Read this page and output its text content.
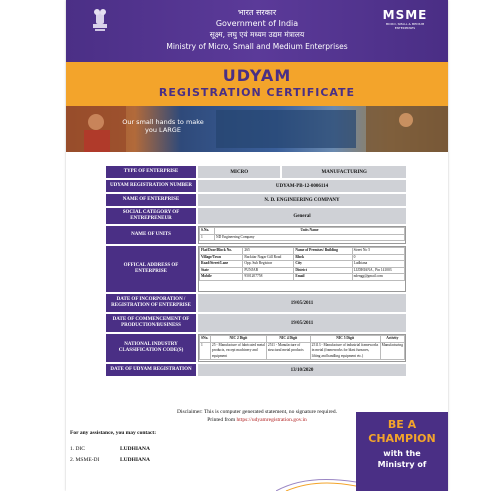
भारत सरकार
Government of India
सूक्ष्म, लघु एवं मध्यम उद्यम मंत्रालय
Ministry of Micro, Small and Medium Enterprises
MSME
MICRO, SMALL & MEDIUM ENTERPRISES
UDYAM
REGISTRATION CERTIFICATE
Our small hands to make you LARGE
TYPE OF ENTERPRISE	MICRO	MANUFACTURING
UDYAM REGISTRATION NUMBER	UDYAM-PB-12-0006114
NAME OF ENTERPRISE	N. D. ENGINEERING COMPANY
SOCIAL CATEGORY OF ENTREPRENEUR	General
NAME OF UNITS
S.No.	Units Name
1	ND Engineering Company
OFFICAL ADDRESS OF ENTERPRISE
Flat/Door/Block No.	265	Name of Premises/ Building	Street No 5
Village/Town	Backtiar Nagar Gill Road	Block	0
Road/Street/Lane	Opp. Sub Registrar	City	Ludhiana
State	PUNJAB	District	LUDHIANA , Pin 141003
Mobile	9501207758	Email	ndengg@gmail.com
DATE OF INCORPORATION / REGISTRATION OF ENTERPRISE	19/05/2011
DATE OF COMMENCEMENT OF PRODUCTION/BUSINESS	19/05/2011
NATIONAL INDUSTRY CLASSIFICATION CODE(S)
SNo.	NIC 2 Digit	NIC 4 Digit	NIC 5 Digit	Activity
1	25 - Manufacture of fabricated metal products, except machinery and equipment	2511 - Manufacture of structural metal products	25113 - Manufacture of industrial frameworks in metal (frameworks for blast furnaces, lifting and handling equipment etc.)	Manufacturing
DATE OF UDYAM REGISTRATION	13/10/2020
Disclaimer: This is computer generated statement, no signature required.
Printed from https://udyamregistration.gov.in
For any assistance, you may contact:
1. DIC	LUDHIANA
2. MSME-DI	LUDHIANA
BE A
CHAMPION
with the
Ministry of
